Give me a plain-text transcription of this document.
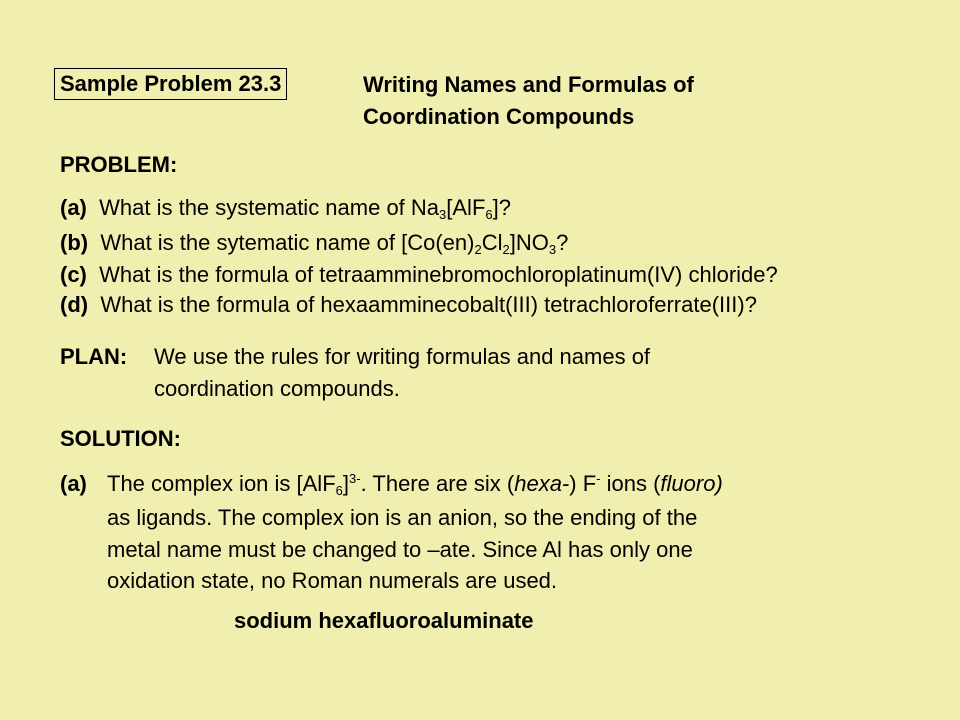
Sample Problem 23.3	Writing Names and Formulas of
Coordination Compounds
PROBLEM:
(a) What is the systematic name of $Na_3[AlF_6]$?
(b) What is the sytematic name of $[Co(en)_2Cl_2]NO_3$?
(c) What is the formula of tetraamminebromochloroplatinum(IV) chloride?
(d) What is the formula of hexaamminecobalt(III) tetrachloroferrate(III)?
PLAN: We use the rules for writing formulas and names of
coordination compounds.
SOLUTION:
(a) The complex ion is $[AlF_6]^{3-}$. There are six (hexa-) F- ions (fluoro)
as ligands. The complex ion is an anion, so the ending of the
metal name must be changed to –ate. Since Al has only one
oxidation state, no Roman numerals are used.
sodium hexafluoroaluminate
